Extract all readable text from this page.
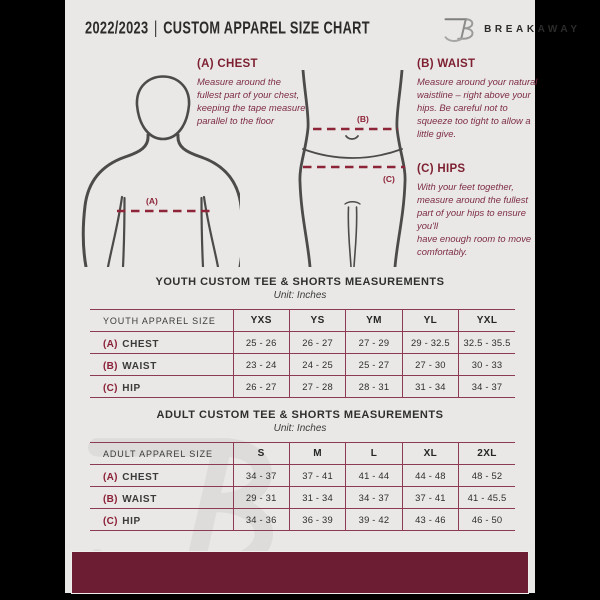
2022/2023 | CUSTOM APPAREL SIZE CHART	BREAKAWAY
(A)
(B)
(C)

(A) CHEST

Measure around the fullest part of your chest, keeping the tape measure parallel to the floor

(B) WAIST

Measure around your natural waistline – right above your hips. Be careful not to squeeze too tight to allow a little give.

(C) HIPS

With your feet together, measure around the fullest part of your hips to ensure you'll
have enough room to move comfortably.

YOUTH CUSTOM TEE & SHORTS MEASUREMENTS

Unit: Inches

YOUTH APPAREL SIZE	YXS	YS	YM	YL	YXL
(A) CHEST	25 - 26	26 - 27	27 - 29	29 - 32.5	32.5 - 35.5
(B) WAIST	23 - 24	24 - 25	25 - 27	27 - 30	30 - 33
(C) HIP	26 - 27	27 - 28	28 - 31	31 - 34	34 - 37

ADULT CUSTOM TEE & SHORTS MEASUREMENTS

Unit: Inches

ADULT APPAREL SIZE	S	M	L	XL	2XL
(A) CHEST	34 - 37	37 - 41	41 - 44	44 - 48	48 - 52
(B) WAIST	29 - 31	31 - 34	34 - 37	37 - 41	41 - 45.5
(C) HIP	34 - 36	36 - 39	39 - 42	43 - 46	46 - 50
